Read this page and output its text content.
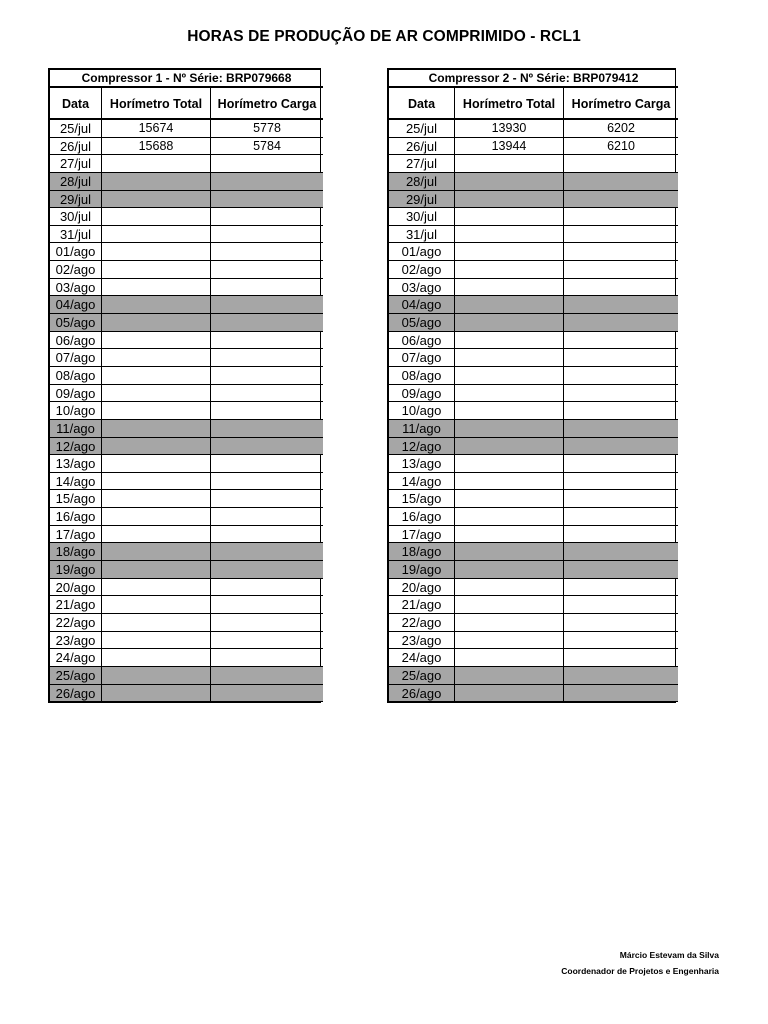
HORAS DE PRODUÇÃO DE AR COMPRIMIDO - RCL1
Compressor 1 - Nº Série: BRP079668
Data	Horímetro Total	Horímetro Carga
25/jul	15674	5778
26/jul	15688	5784
27/jul
28/jul
29/jul
30/jul
31/jul
01/ago
02/ago
03/ago
04/ago
05/ago
06/ago
07/ago
08/ago
09/ago
10/ago
11/ago
12/ago
13/ago
14/ago
15/ago
16/ago
17/ago
18/ago
19/ago
20/ago
21/ago
22/ago
23/ago
24/ago
25/ago
26/ago
Compressor 2 - Nº Série: BRP079412
Data	Horímetro Total	Horímetro Carga
25/jul	13930	6202
26/jul	13944	6210
27/jul
28/jul
29/jul
30/jul
31/jul
01/ago
02/ago
03/ago
04/ago
05/ago
06/ago
07/ago
08/ago
09/ago
10/ago
11/ago
12/ago
13/ago
14/ago
15/ago
16/ago
17/ago
18/ago
19/ago
20/ago
21/ago
22/ago
23/ago
24/ago
25/ago
26/ago
Márcio Estevam da Silva
Coordenador de Projetos e Engenharia
